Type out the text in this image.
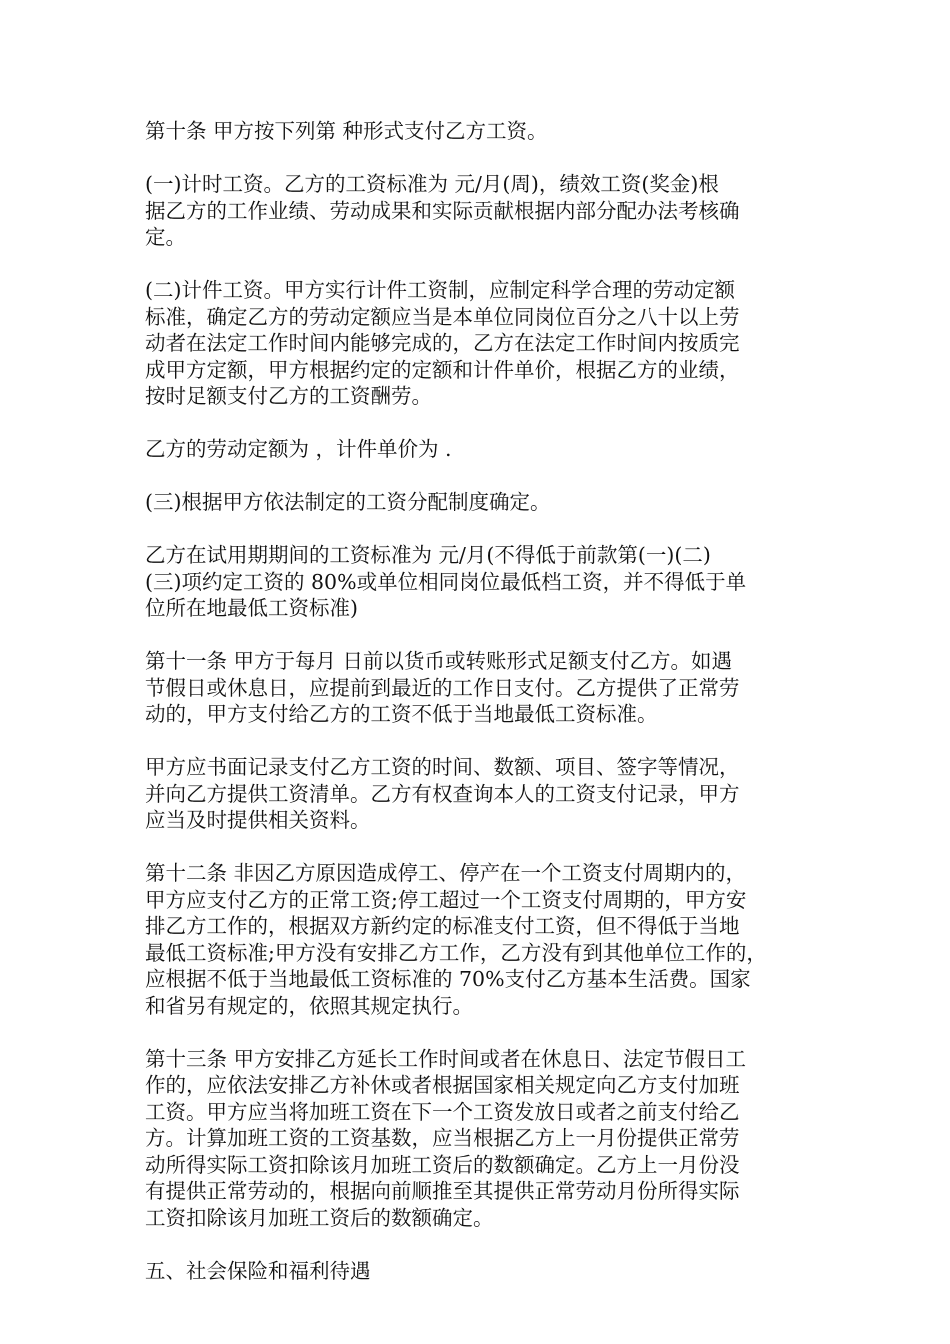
第十条 甲方按下列第 种形式支付乙方工资。
(一)计时工资。乙方的工资标准为 元/月(周)，绩效工资(奖金)根
据乙方的工作业绩、劳动成果和实际贡献根据内部分配办法考核确
定。
(二)计件工资。甲方实行计件工资制，应制定科学合理的劳动定额
标准，确定乙方的劳动定额应当是本单位同岗位百分之八十以上劳
动者在法定工作时间内能够完成的，乙方在法定工作时间内按质完
成甲方定额，甲方根据约定的定额和计件单价，根据乙方的业绩，
按时足额支付乙方的工资酬劳。
乙方的劳动定额为 ，计件单价为 .
(三)根据甲方依法制定的工资分配制度确定。
乙方在试用期期间的工资标准为 元/月(不得低于前款第(一)(二)
(三)项约定工资的 80%或单位相同岗位最低档工资，并不得低于单
位所在地最低工资标准)
第十一条 甲方于每月 日前以货币或转账形式足额支付乙方。如遇
节假日或休息日，应提前到最近的工作日支付。乙方提供了正常劳
动的，甲方支付给乙方的工资不低于当地最低工资标准。
甲方应书面记录支付乙方工资的时间、数额、项目、签字等情况，
并向乙方提供工资清单。乙方有权查询本人的工资支付记录，甲方
应当及时提供相关资料。
第十二条 非因乙方原因造成停工、停产在一个工资支付周期内的，
甲方应支付乙方的正常工资;停工超过一个工资支付周期的，甲方安
排乙方工作的，根据双方新约定的标准支付工资，但不得低于当地
最低工资标准;甲方没有安排乙方工作，乙方没有到其他单位工作的，
应根据不低于当地最低工资标准的 70%支付乙方基本生活费。国家
和省另有规定的，依照其规定执行。
第十三条 甲方安排乙方延长工作时间或者在休息日、法定节假日工
作的，应依法安排乙方补休或者根据国家相关规定向乙方支付加班
工资。甲方应当将加班工资在下一个工资发放日或者之前支付给乙
方。计算加班工资的工资基数，应当根据乙方上一月份提供正常劳
动所得实际工资扣除该月加班工资后的数额确定。乙方上一月份没
有提供正常劳动的，根据向前顺推至其提供正常劳动月份所得实际
工资扣除该月加班工资后的数额确定。
五、社会保险和福利待遇
